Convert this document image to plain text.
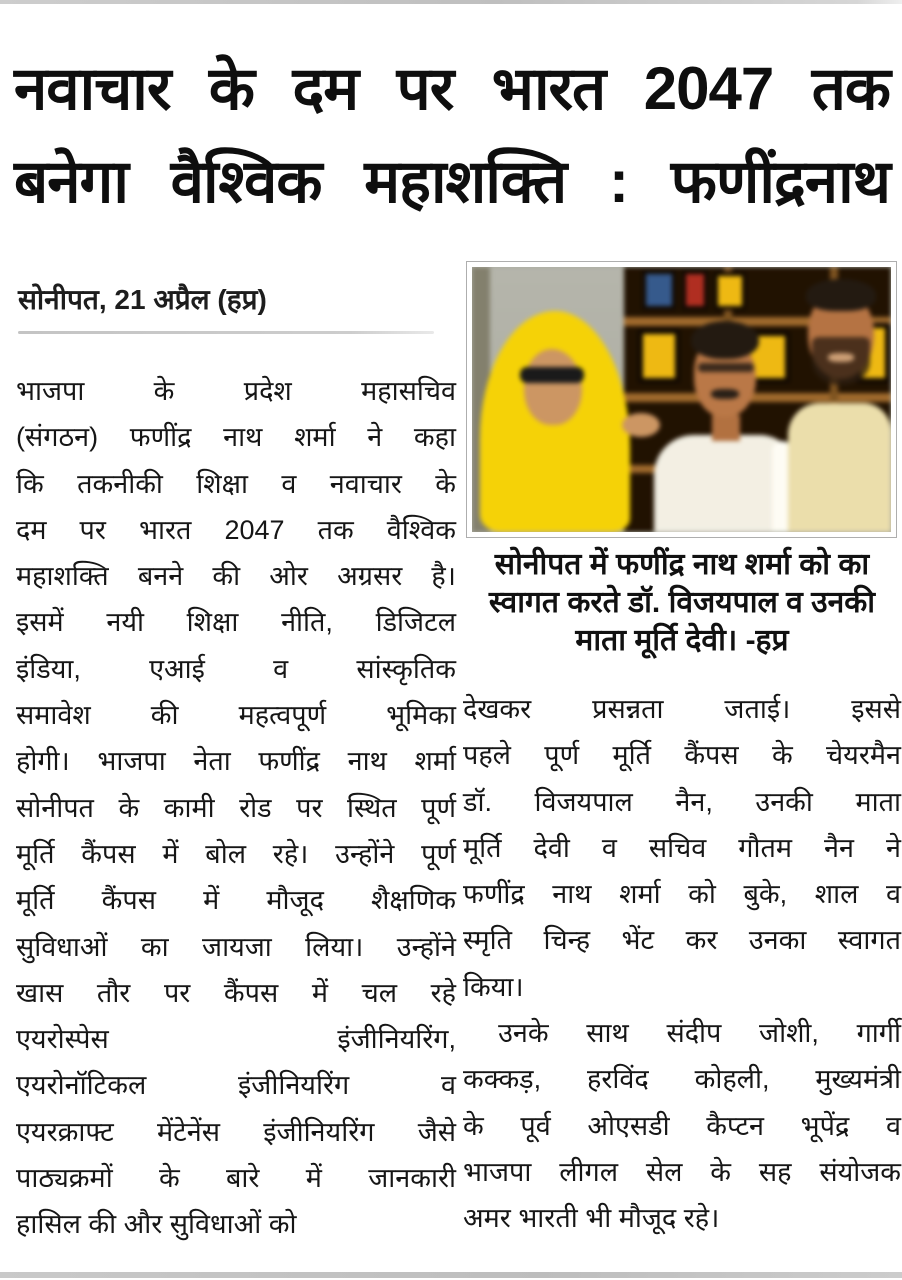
नवाचार के दम पर भारत 2047 तक
बनेगा वैश्विक महाशक्ति : फणींद्रनाथ
सोनीपत, 21 अप्रैल (हप्र)
सोनीपत में फणींद्र नाथ शर्मा को का
स्वागत करते डॉ. विजयपाल व उनकी
माता मूर्ति देवी। -हप्र
भाजपा के प्रदेश महासचिव
(संगठन) फणींद्र नाथ शर्मा ने कहा
कि तकनीकी शिक्षा व नवाचार के
दम पर भारत 2047 तक वैश्विक
महाशक्ति बनने की ओर अग्रसर है।
इसमें नयी शिक्षा नीति, डिजिटल
इंडिया, एआई व सांस्कृतिक
समावेश की महत्वपूर्ण भूमिका
होगी। भाजपा नेता फणींद्र नाथ शर्मा
सोनीपत के कामी रोड पर स्थित पूर्ण
मूर्ति कैंपस में बोल रहे। उन्होंने पूर्ण
मूर्ति कैंपस में मौजूद शैक्षणिक
सुविधाओं का जायजा लिया। उन्होंने
खास तौर पर कैंपस में चल रहे
एयरोस्पेस इंजीनियरिंग,
एयरोनॉटिकल इंजीनियरिंग व
एयरक्राफ्ट मेंटेनेंस इंजीनियरिंग जैसे
पाठ्यक्रमों के बारे में जानकारी
हासिल की और सुविधाओं को
देखकर प्रसन्नता जताई। इससे
पहले पूर्ण मूर्ति कैंपस के चेयरमैन
डॉ. विजयपाल नैन, उनकी माता
मूर्ति देवी व सचिव गौतम नैन ने
फणींद्र नाथ शर्मा को बुके, शाल व
स्मृति चिन्ह भेंट कर उनका स्वागत
किया।
उनके साथ संदीप जोशी, गार्गी
कक्कड़, हरविंद कोहली, मुख्यमंत्री
के पूर्व ओएसडी कैप्टन भूपेंद्र व
भाजपा लीगल सेल के सह संयोजक
अमर भारती भी मौजूद रहे।
